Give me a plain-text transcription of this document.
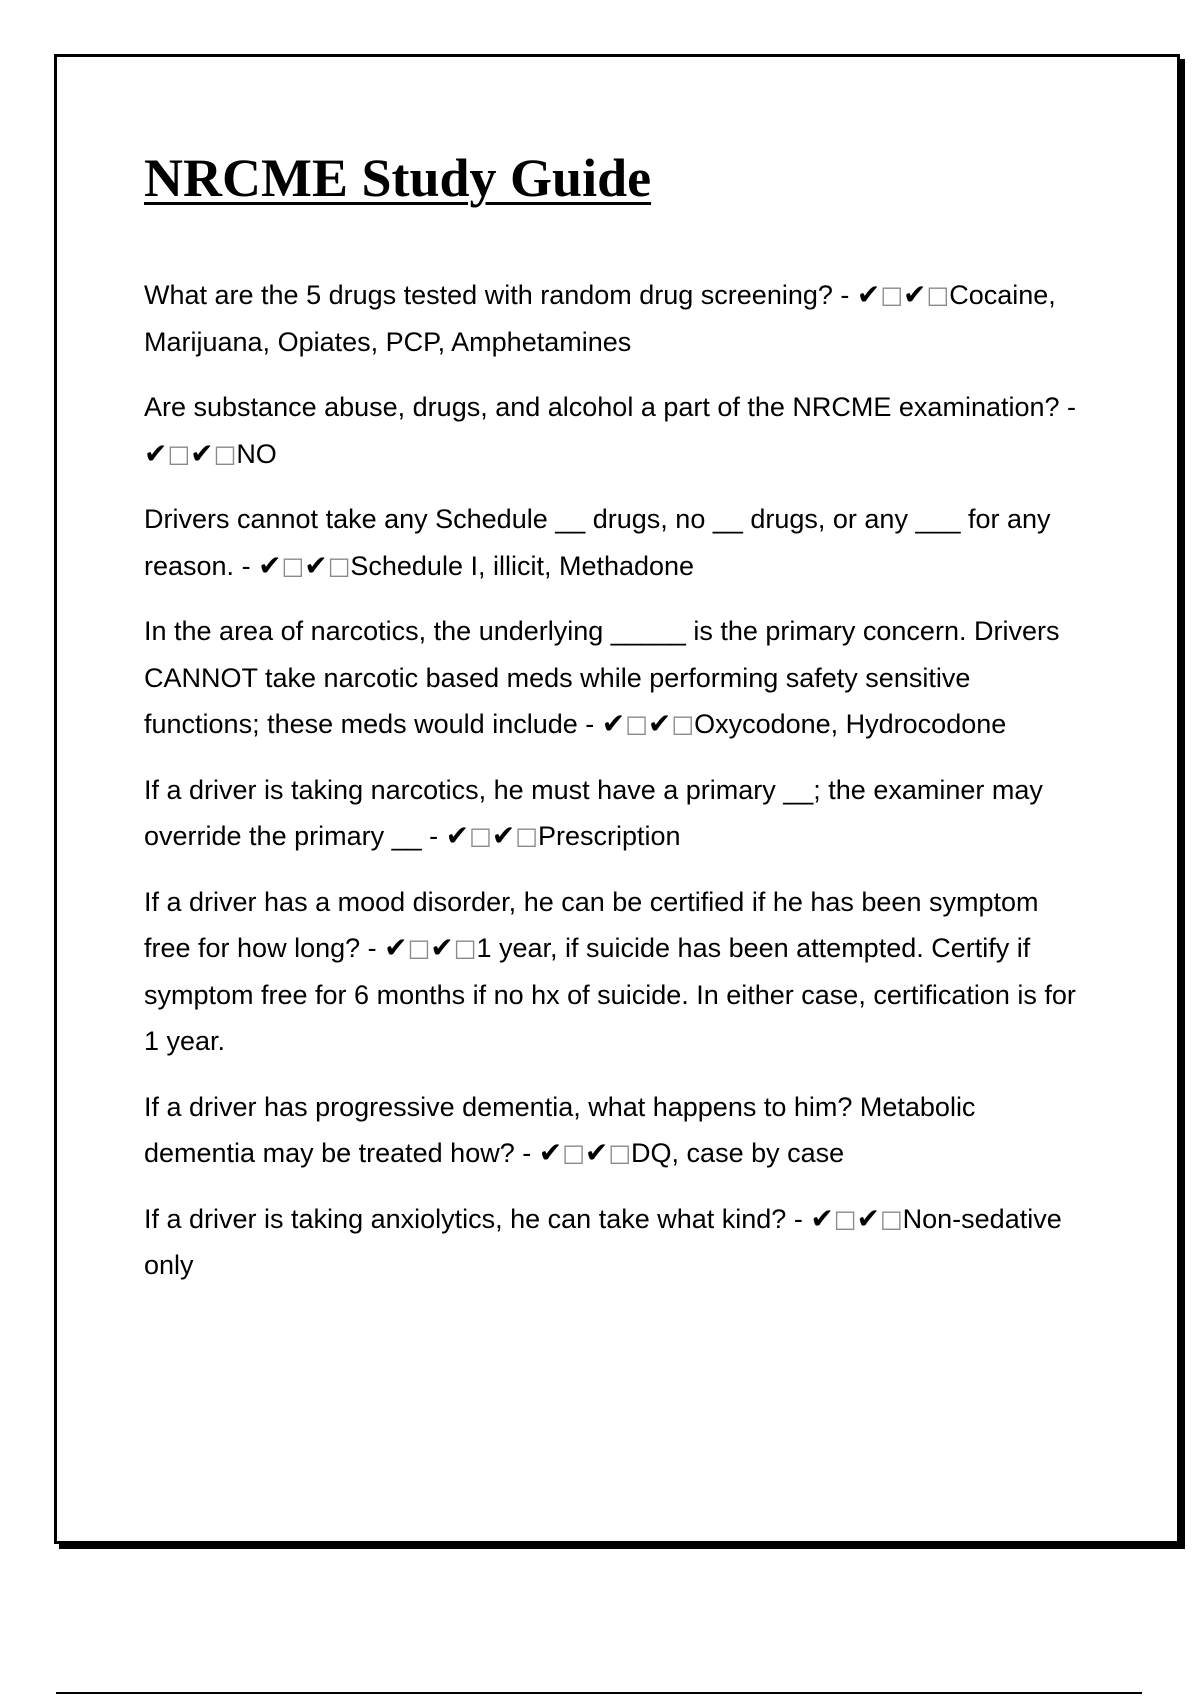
NRCME Study Guide
What are the 5 drugs tested with random drug screening? - ✔□✔□Cocaine, Marijuana, Opiates, PCP, Amphetamines
Are substance abuse, drugs, and alcohol a part of the NRCME examination? - ✔□✔□NO
Drivers cannot take any Schedule __ drugs, no __ drugs, or any ___ for any reason. - ✔□✔□Schedule I, illicit, Methadone
In the area of narcotics, the underlying _____ is the primary concern. Drivers CANNOT take narcotic based meds while performing safety sensitive functions; these meds would include - ✔□✔□Oxycodone, Hydrocodone
If a driver is taking narcotics, he must have a primary __; the examiner may override the primary __ - ✔□✔□Prescription
If a driver has a mood disorder, he can be certified if he has been symptom free for how long? - ✔□✔□1 year, if suicide has been attempted. Certify if symptom free for 6 months if no hx of suicide. In either case, certification is for 1 year.
If a driver has progressive dementia, what happens to him? Metabolic dementia may be treated how? - ✔□✔□DQ, case by case
If a driver is taking anxiolytics, he can take what kind? - ✔□✔□Non-sedative only
